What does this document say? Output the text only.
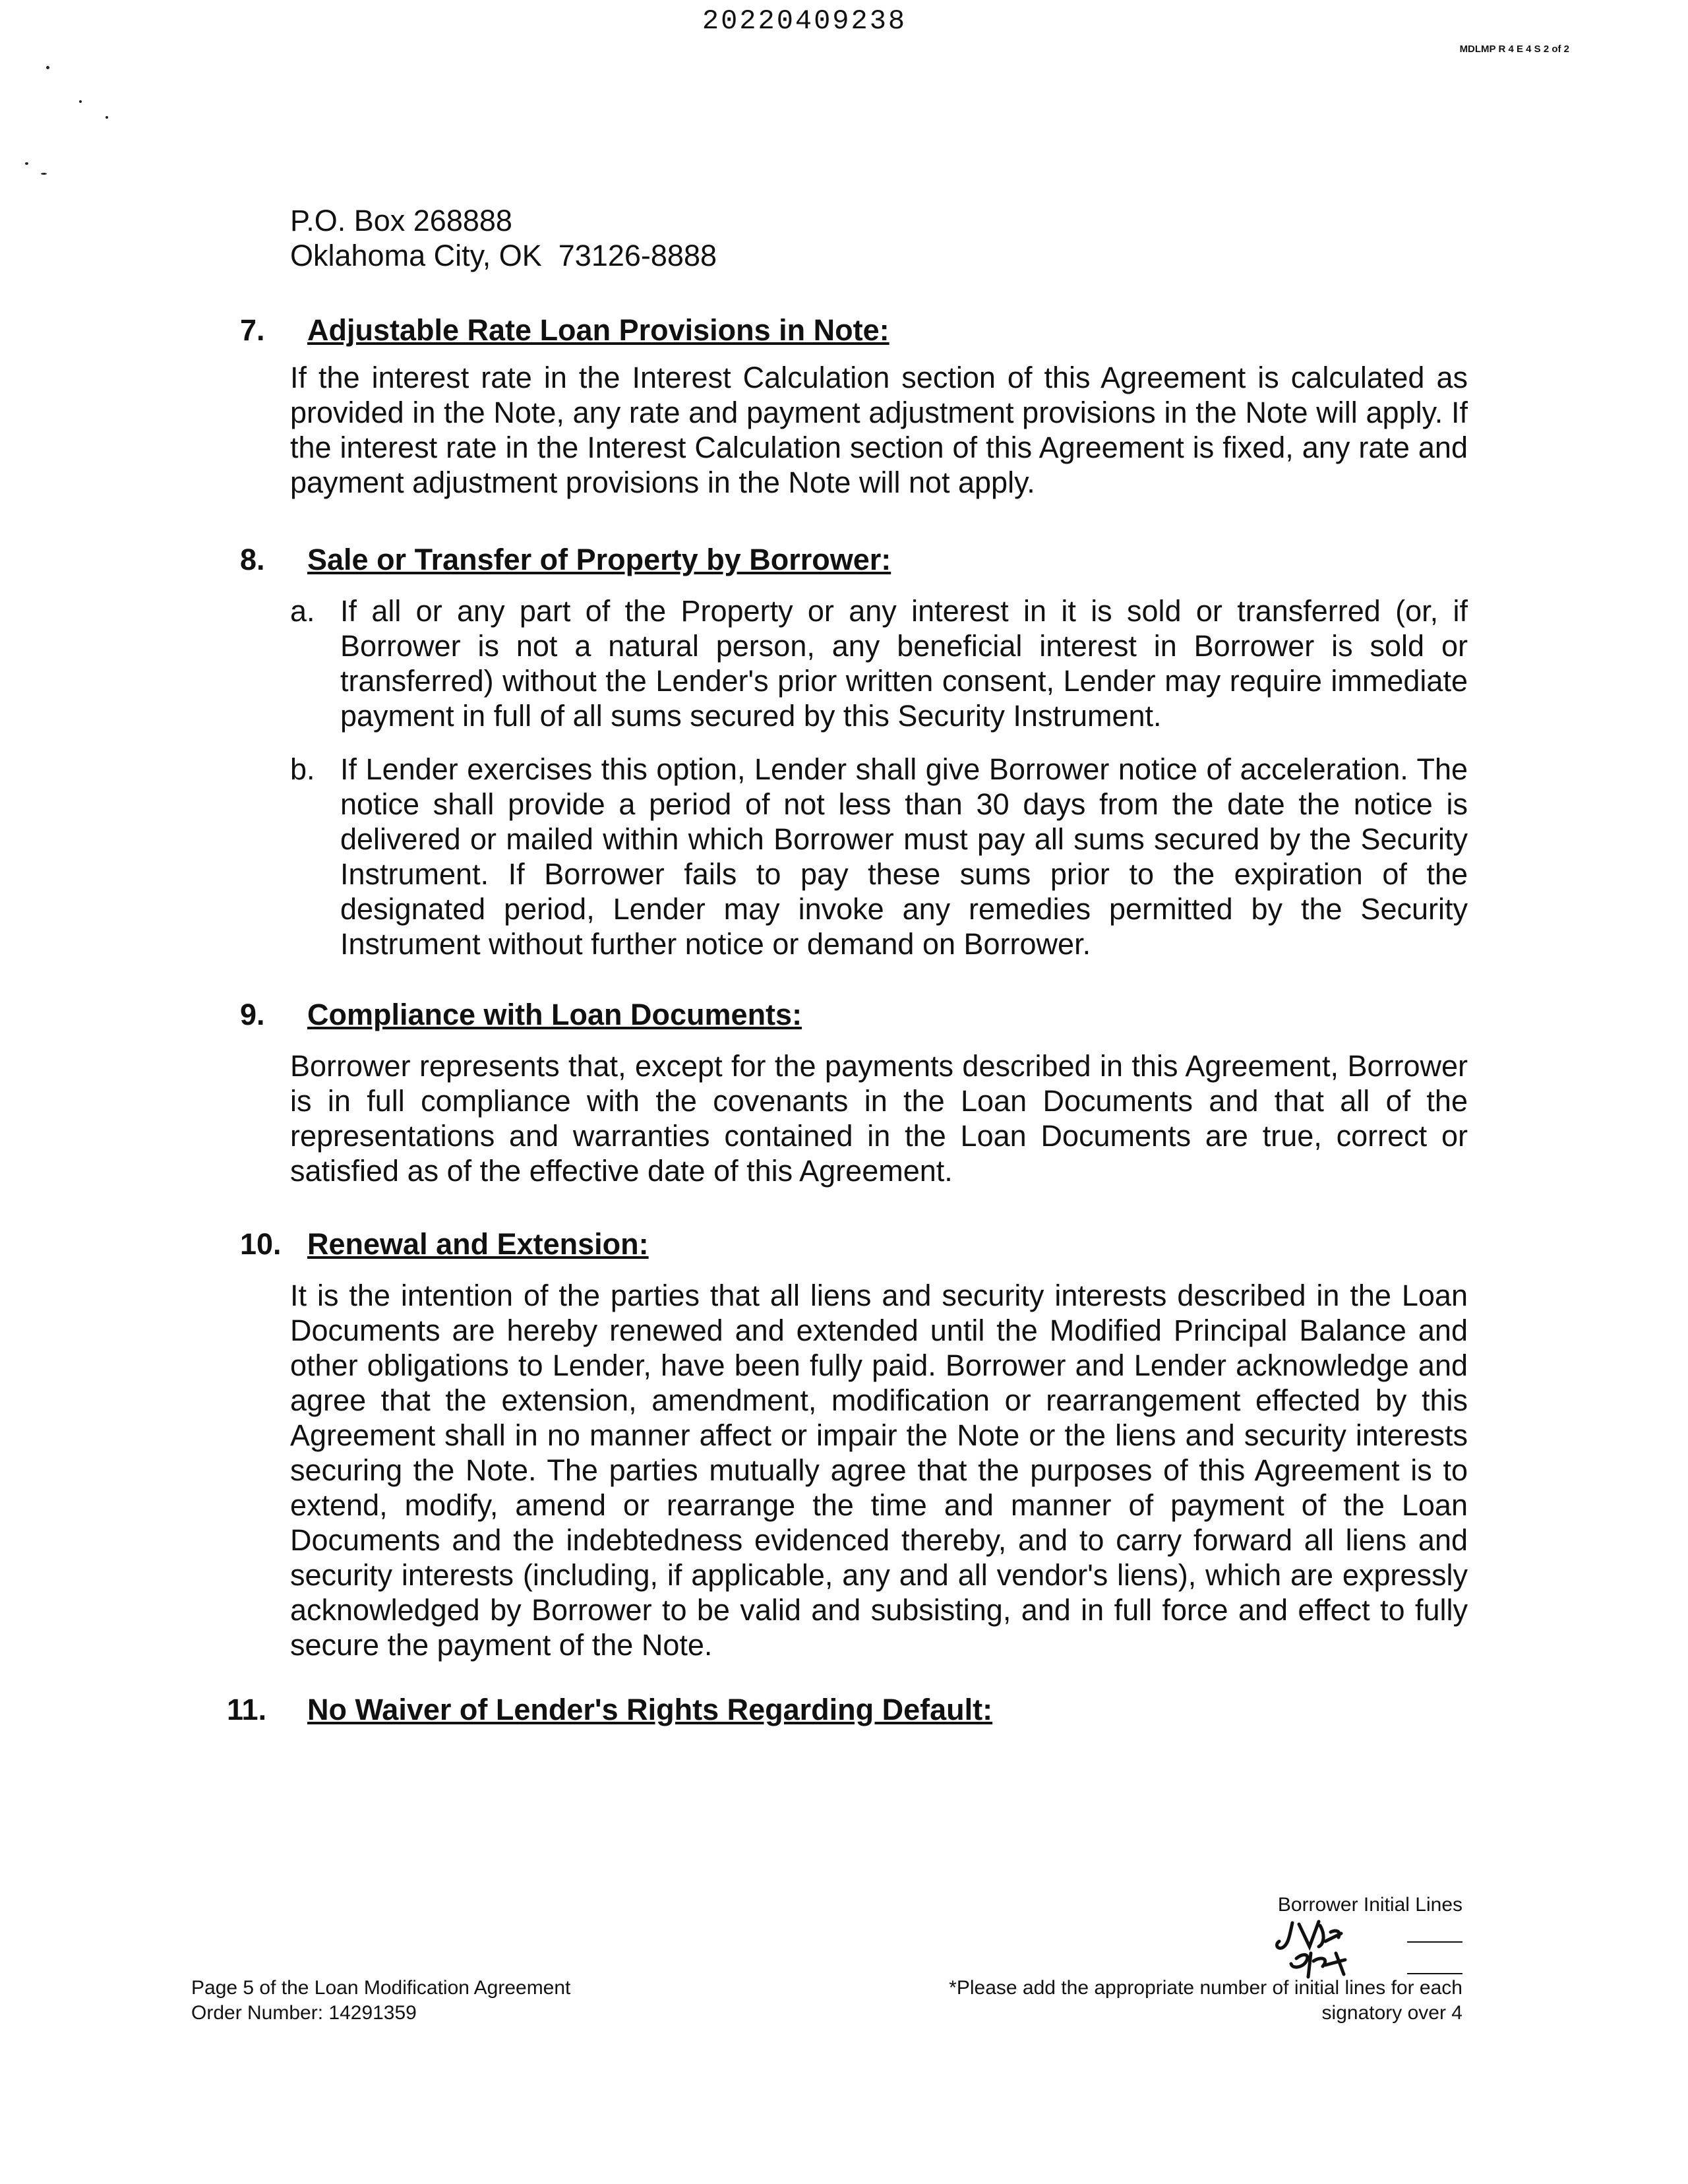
20220409238
MDLMP R 4 E 4 S 2 of 2
P.O. Box 268888
Oklahoma City, OK  73126-8888
7. Adjustable Rate Loan Provisions in Note:

If the interest rate in the Interest Calculation section of this Agreement is calculated as provided in the Note, any rate and payment adjustment provisions in the Note will apply. If the interest rate in the Interest Calculation section of this Agreement is fixed, any rate and payment adjustment provisions in the Note will not apply.

8. Sale or Transfer of Property by Borrower:
a. If all or any part of the Property or any interest in it is sold or transferred (or, if Borrower is not a natural person, any beneficial interest in Borrower is sold or transferred) without the Lender's prior written consent, Lender may require immediate payment in full of all sums secured by this Security Instrument.
b. If Lender exercises this option, Lender shall give Borrower notice of acceleration. The notice shall provide a period of not less than 30 days from the date the notice is delivered or mailed within which Borrower must pay all sums secured by the Security Instrument. If Borrower fails to pay these sums prior to the expiration of the designated period, Lender may invoke any remedies permitted by the Security Instrument without further notice or demand on Borrower.
9. Compliance with Loan Documents:

Borrower represents that, except for the payments described in this Agreement, Borrower is in full compliance with the covenants in the Loan Documents and that all of the representations and warranties contained in the Loan Documents are true, correct or satisfied as of the effective date of this Agreement.

10. Renewal and Extension:

It is the intention of the parties that all liens and security interests described in the Loan Documents are hereby renewed and extended until the Modified Principal Balance and other obligations to Lender, have been fully paid. Borrower and Lender acknowledge and agree that the extension, amendment, modification or rearrangement effected by this Agreement shall in no manner affect or impair the Note or the liens and security interests securing the Note. The parties mutually agree that the purposes of this Agreement is to extend, modify, amend or rearrange the time and manner of payment of the Loan Documents and the indebtedness evidenced thereby, and to carry forward all liens and security interests (including, if applicable, any and all vendor's liens), which are expressly acknowledged by Borrower to be valid and subsisting, and in full force and effect to fully secure the payment of the Note.

11. No Waiver of Lender's Rights Regarding Default:
Borrower Initial Lines
Page 5 of the Loan Modification Agreement
Order Number: 14291359
*Please add the appropriate number of initial lines for each
signatory over 4
